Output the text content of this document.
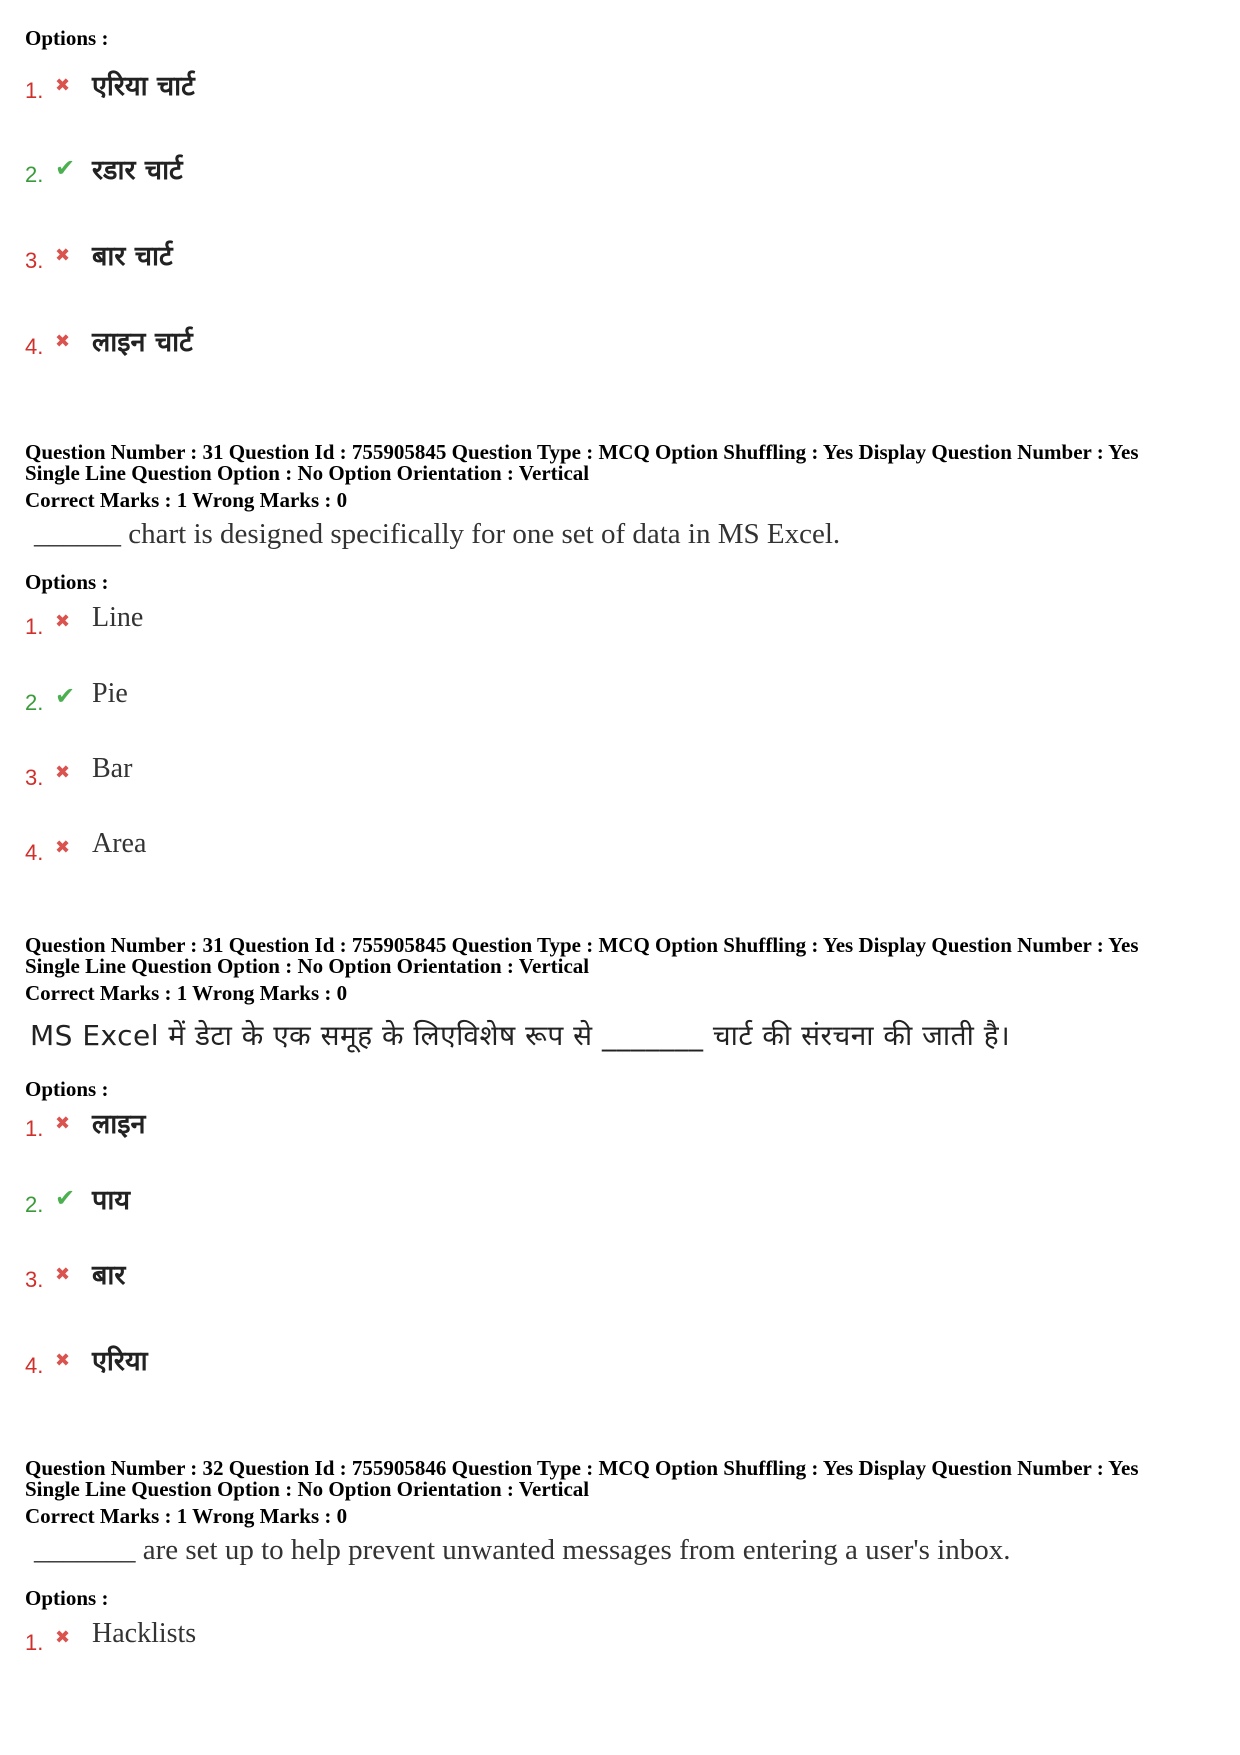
Options :
1. ✖ एरिया चार्ट
2. ✔ रडार चार्ट
3. ✖ बार चार्ट
4. ✖ लाइन चार्ट
Question Number : 31 Question Id : 755905845 Question Type : MCQ Option Shuffling : Yes Display Question Number : Yes
Single Line Question Option : No Option Orientation : Vertical
Correct Marks : 1 Wrong Marks : 0
______ chart is designed specifically for one set of data in MS Excel.
Options :
1. ✖ Line
2. ✔ Pie
3. ✖ Bar
4. ✖ Area
Question Number : 31 Question Id : 755905845 Question Type : MCQ Option Shuffling : Yes Display Question Number : Yes
Single Line Question Option : No Option Orientation : Vertical
Correct Marks : 1 Wrong Marks : 0
MS Excel में डेटा के एक समूह के लिएविशेष रूप से _______ चार्ट की संरचना की जाती है।
Options :
1. ✖ लाइन
2. ✔ पाय
3. ✖ बार
4. ✖ एरिया
Question Number : 32 Question Id : 755905846 Question Type : MCQ Option Shuffling : Yes Display Question Number : Yes
Single Line Question Option : No Option Orientation : Vertical
Correct Marks : 1 Wrong Marks : 0
_______ are set up to help prevent unwanted messages from entering a user's inbox.
Options :
1. ✖ Hacklists
